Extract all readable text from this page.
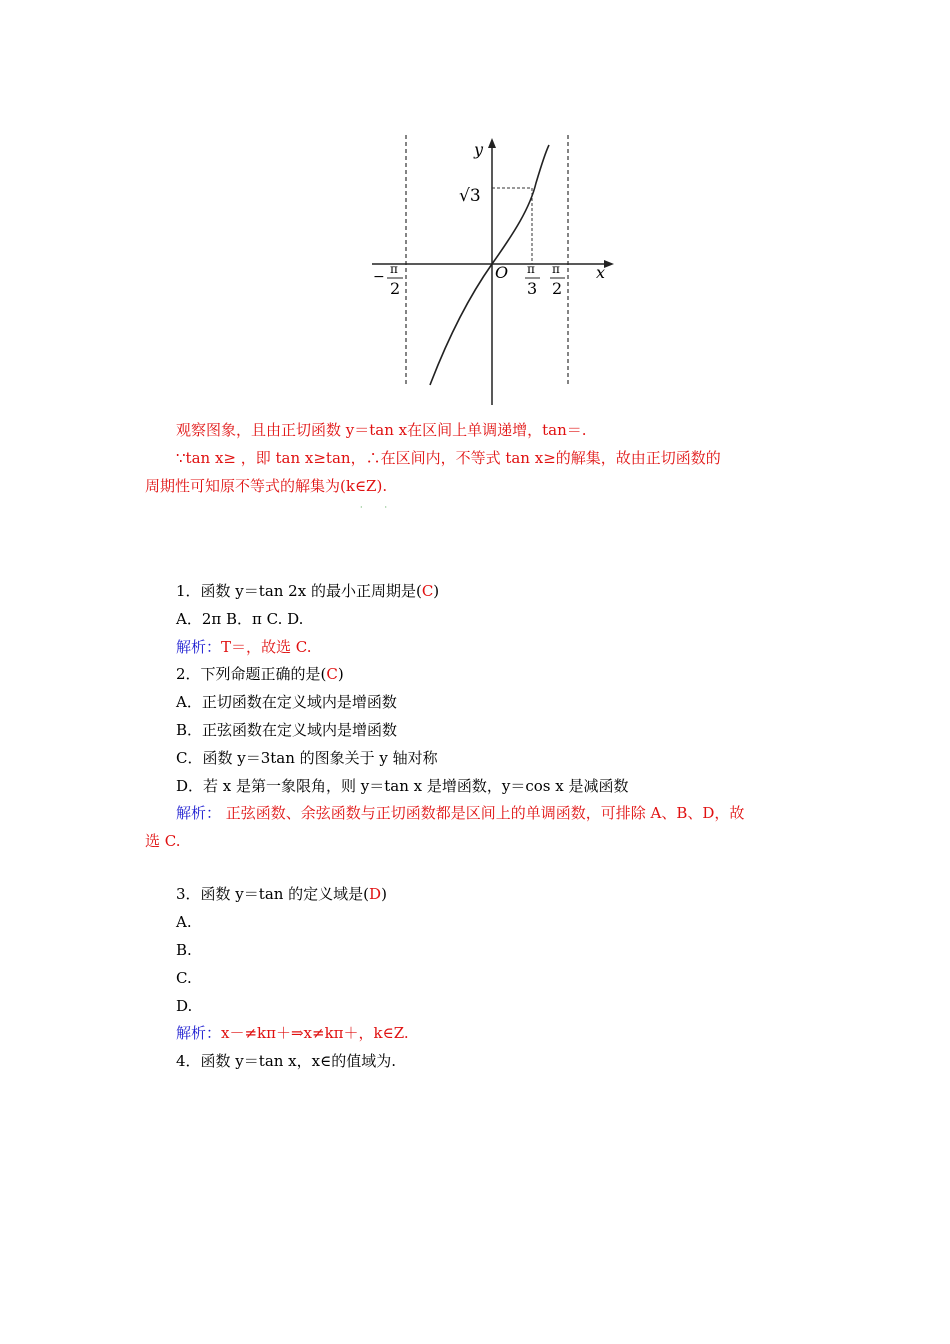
y
x
O
√3
− π
2
π
3
π
2
观察图象，且由正切函数 y＝tan x在区间上单调递增，tan＝.
∵tan x≥ ，即 tan x≥tan，∴在区间内，不等式 tan x≥的解集，故由正切函数的
周期性可知原不等式的解集为(k∈Z).
··
1．函数 y＝tan 2x 的最小正周期是(C)
A．2π B．π C. D.
解析：T＝，故选 C.
2．下列命题正确的是(C)
A．正切函数在定义域内是增函数
B．正弦函数在定义域内是增函数
C．函数 y＝3tan 的图象关于 y 轴对称
D．若 x 是第一象限角，则 y＝tan x 是增函数，y＝cos x 是减函数
解析： 正弦函数、余弦函数与正切函数都是区间上的单调函数，可排除 A、B、D，故
选 C.
3．函数 y＝tan 的定义域是(D)
A.
B.
C.
D.
解析：x－≠kπ＋⇒x≠kπ＋，k∈Z.
4．函数 y＝tan x，x∈的值域为.
